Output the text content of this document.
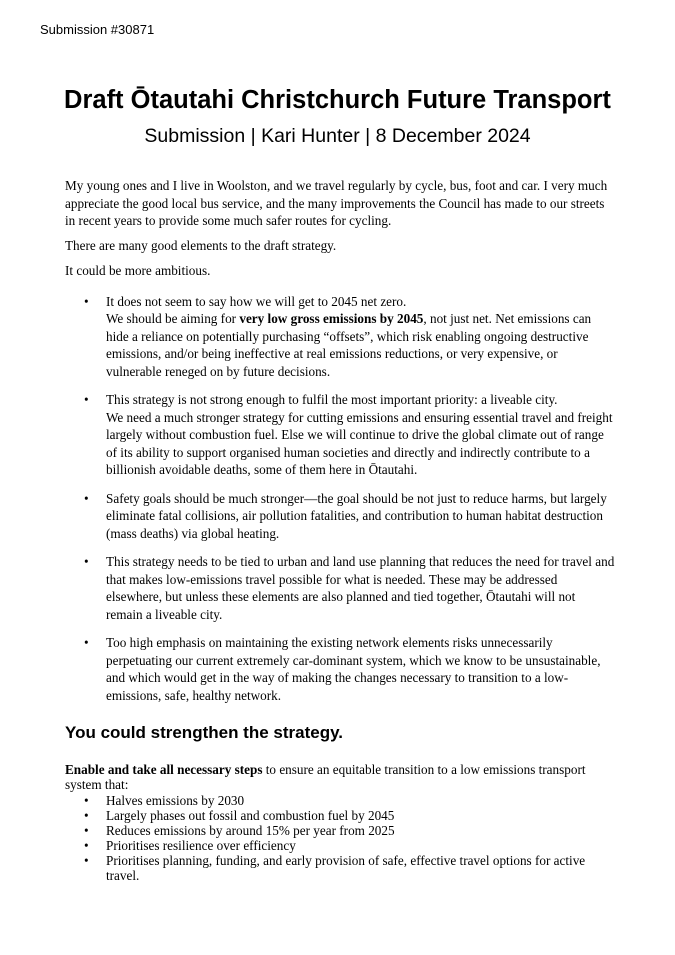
Submission #30871
Draft Ōtautahi Christchurch Future Transport
Submission | Kari Hunter | 8 December 2024

My young ones and I live in Woolston, and we travel regularly by cycle, bus, foot and car. I very much appreciate the good local bus service, and the many improvements the Council has made to our streets in recent years to provide some much safer routes for cycling.

There are many good elements to the draft strategy.

It could be more ambitious.

• It does not seem to say how we will get to 2045 net zero.
We should be aiming for very low gross emissions by 2045, not just net. Net emissions can hide a reliance on potentially purchasing “offsets”, which risk enabling ongoing destructive emissions, and/or being ineffective at real emissions reductions, or very expensive, or vulnerable reneged on by future decisions.
• This strategy is not strong enough to fulfil the most important priority: a liveable city.
We need a much stronger strategy for cutting emissions and ensuring essential travel and freight largely without combustion fuel. Else we will continue to drive the global climate out of range of its ability to support organised human societies and directly and indirectly contribute to a billionish avoidable deaths, some of them here in Ōtautahi.
• Safety goals should be much stronger—the goal should be not just to reduce harms, but largely eliminate fatal collisions, air pollution fatalities, and contribution to human habitat destruction (mass deaths) via global heating.
• This strategy needs to be tied to urban and land use planning that reduces the need for travel and that makes low-emissions travel possible for what is needed. These may be addressed elsewhere, but unless these elements are also planned and tied together, Ōtautahi will not remain a liveable city.
• Too high emphasis on maintaining the existing network elements risks unnecessarily perpetuating our current extremely car-dominant system, which we know to be unsustainable, and which would get in the way of making the changes necessary to transition to a low-emissions, safe, healthy network.
You could strengthen the strategy.

Enable and take all necessary steps to ensure an equitable transition to a low emissions transport system that:

• Halves emissions by 2030
• Largely phases out fossil and combustion fuel by 2045
• Reduces emissions by around 15% per year from 2025
• Prioritises resilience over efficiency
• Prioritises planning, funding, and early provision of safe, effective travel options for active travel.
